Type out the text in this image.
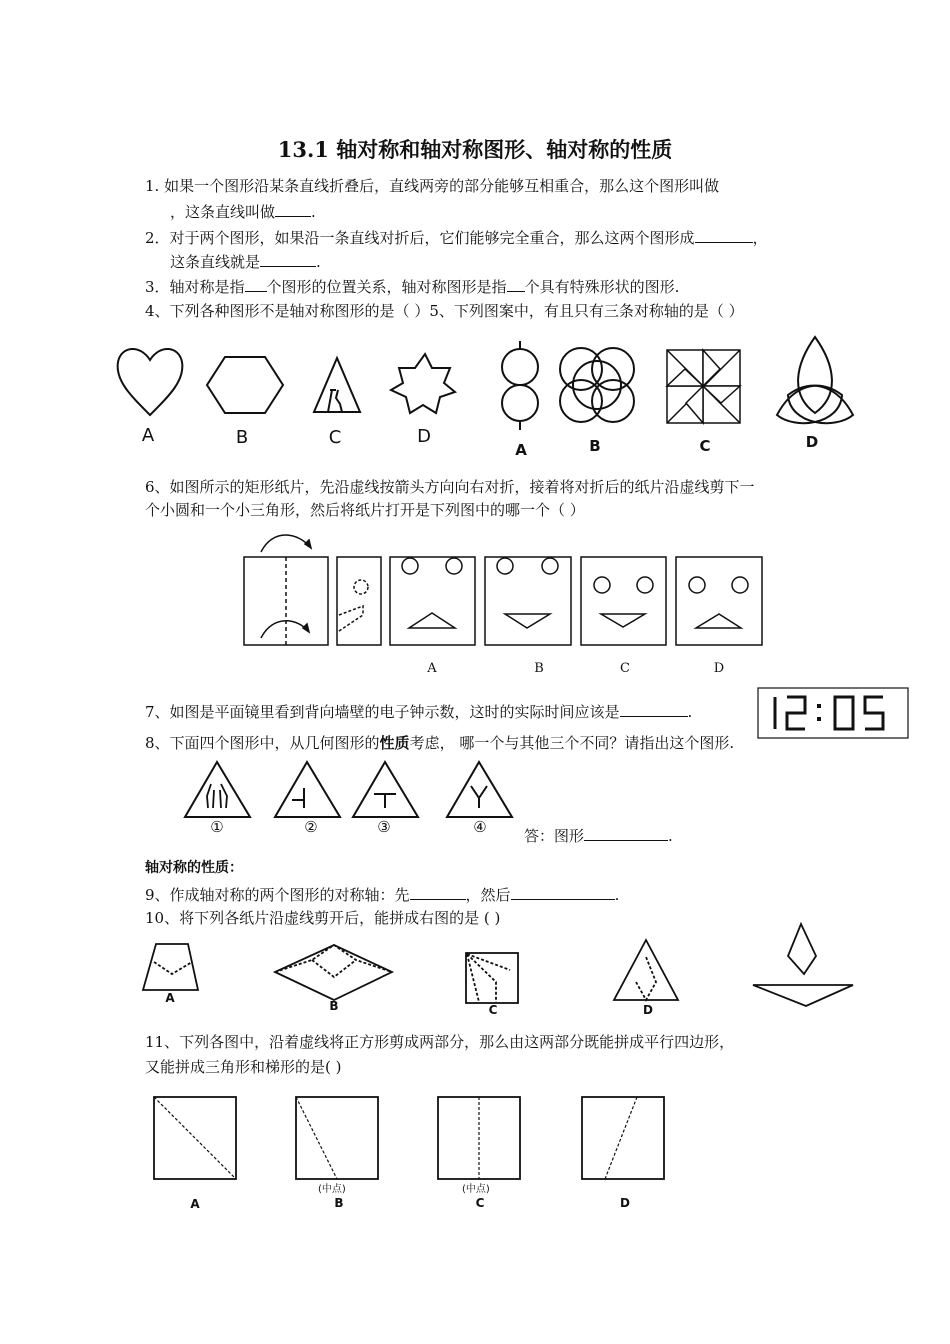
13.1 轴对称和轴对称图形、轴对称的性质
1. 如果一个图形沿某条直线折叠后，直线两旁的部分能够互相重合，那么这个图形叫做
，这条直线叫做 .
2．对于两个图形，如果沿一条直线对折后，它们能够完全重合，那么这两个图形成	，
这条直线就是	.
3．轴对称是指 个图形的位置关系，轴对称图形是指 个具有特殊形状的图形.
4、下列各种图形不是轴对称图形的是（ ）5、下列图案中，有且只有三条对称轴的是（ ）
A	B	C	D
A	B	C	D
6、如图所示的矩形纸片，先沿虚线按箭头方向向右对折，接着将对折后的纸片沿虚线剪下一
个小圆和一个小三角形，然后将纸片打开是下列图中的哪一个（ ）
A	B	C	D
7、如图是平面镜里看到背向墙壁的电子钟示数，这时的实际时间应该是	.
8、下面四个图形中，从几何图形的性质考虑， 哪一个与其他三个不同？请指出这个图形.
①	②	③	④	答：图形	.
轴对称的性质：
9、作成轴对称的两个图形的对称轴：先	，然后	.
10、将下列各纸片沿虚线剪开后，能拼成右图的是 ( )
A
B	C	D
11、下列各图中，沿着虚线将正方形剪成两部分，那么由这两部分既能拼成平行四边形，
又能拼成三角形和梯形的是( )
(中点)	(中点)
A	B	C	D
